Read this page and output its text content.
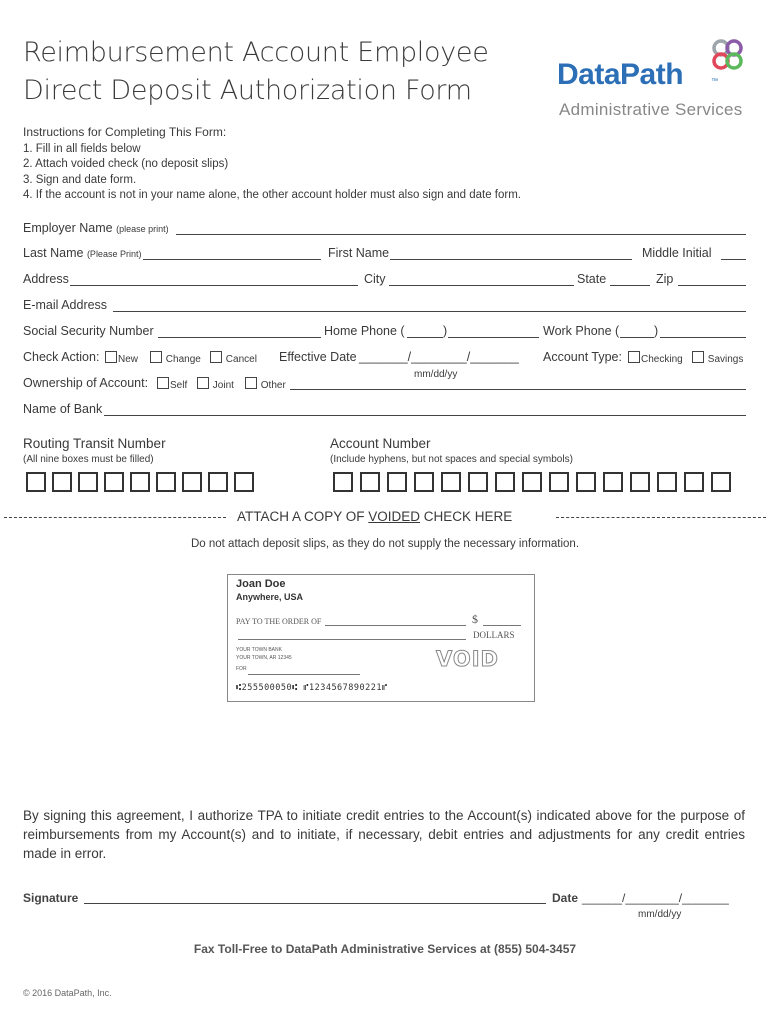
Reimbursement Account Employee
Direct Deposit Authorization Form	DataPath	™
Administrative Services
Instructions for Completing This Form:
1. Fill in all fields below
2. Attach voided check (no deposit slips)
3. Sign and date form.
4. If the account is not in your name alone, the other account holder must also sign and date form.
Employer Name (please print)
Last Name (Please Print)	First Name	Middle Initial
Address	City	State	Zip
E-mail Address
Social Security Number	Home Phone (	)	Work Phone (	)
Check Action:	New	Change	Cancel Effective Date _______/________/_______
mm/dd/yy
Account Type:	Checking	Savings
Ownership of Account:	Self	Joint	Other
Name of Bank
Routing Transit Number
(All nine boxes must be filled)
Account Number
(Include hyphens, but not spaces and special symbols)
ATTACH A COPY OF VOIDED CHECK HERE
Do not attach deposit slips, as they do not supply the necessary information.
Joan Doe
Anywhere, USA
PAY TO THE ORDER OF	$
DOLLARS
YOUR TOWN BANK
YOUR TOWN, AR 12345
FOR	VOID
⑆255500050⑆ ⑈1234567890221⑈
By signing this agreement, I authorize TPA to initiate credit entries to the Account(s) indicated above for the purpose of reimbursements from my Account(s) and to initiate, if necessary, debit entries and adjustments for any credit entries made in error.
Signature	Date ______/________/_______
mm/dd/yy
Fax Toll-Free to DataPath Administrative Services at (855) 504-3457
© 2016 DataPath, Inc.
